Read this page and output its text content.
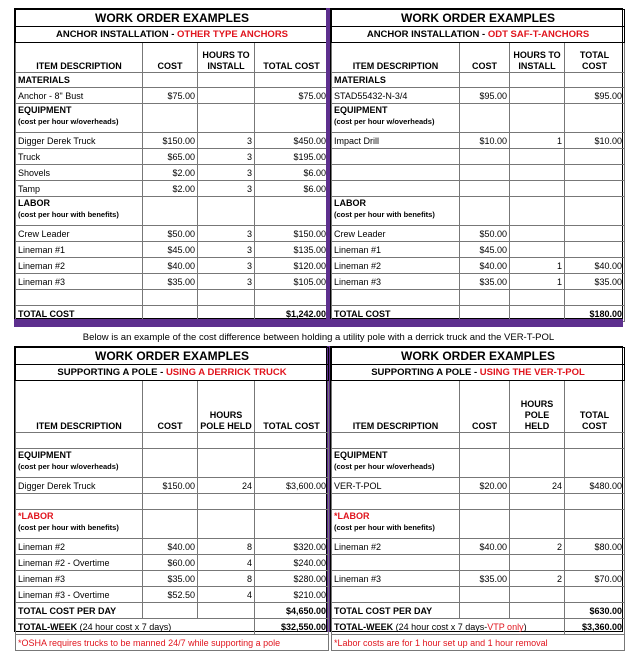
WORK ORDER EXAMPLES			
ANCHOR INSTALLATION - OTHER TYPE ANCHORS			
ITEM DESCRIPTION	COST	HOURS TO INSTALL	TOTAL COST
MATERIALS			
Anchor - 8" Bust	$75.00		$75.00

EQUIPMENT
(cost per hour w/overheads)			

Digger Derek Truck	$150.00	3	$450.00
Truck	$65.00	3	$195.00
Shovels	$2.00	3	$6.00
Tamp	$2.00	3	$6.00

LABOR
(cost per hour with benefits)			

Crew Leader	$50.00	3	$150.00
Lineman #1	$45.00	3	$135.00
Lineman #2	$40.00	3	$120.00
Lineman #3	$35.00	3	$105.00

TOTAL COST			$1,242.00
WORK ORDER EXAMPLES			
ANCHOR INSTALLATION - ODT SAF-T-ANCHORS			
ITEM DESCRIPTION	COST	HOURS TO INSTALL	TOTAL COST
MATERIALS			
STAD55432-N-3/4	$95.00		$95.00

EQUIPMENT
(cost per hour w/overheads)			

Impact Drill	$10.00	1	$10.00

LABOR
(cost per hour with benefits)			

Crew Leader	$50.00		
Lineman #1	$45.00		
Lineman #2	$40.00	1	$40.00
Lineman #3	$35.00	1	$35.00

TOTAL COST			$180.00
Below is an example of the cost difference between holding a utility pole with a derrick truck and the VER-T-POL
WORK ORDER EXAMPLES			
SUPPORTING A POLE - USING A DERRICK TRUCK			
ITEM DESCRIPTION	COST	HOURS POLE HELD	TOTAL COST

EQUIPMENT
(cost per hour w/overheads)			

Digger Derek Truck	$150.00	24	$3,600.00

*LABOR
(cost per hour with benefits)			

Lineman #2	$40.00	8	$320.00
Lineman #2 - Overtime	$60.00	4	$240.00
Lineman #3	$35.00	8	$280.00
Lineman #3 - Overtime	$52.50	4	$210.00
TOTAL COST PER DAY			$4,650.00
TOTAL-WEEK (24 hour cost x 7 days)			$32,550.00
*OSHA requires trucks to be manned 24/7 while supporting a pole			
WORK ORDER EXAMPLES			
SUPPORTING A POLE - USING THE VER-T-POL			
ITEM DESCRIPTION	COST	HOURS POLE HELD	TOTAL COST

EQUIPMENT
(cost per hour w/overheads)			

VER-T-POL	$20.00	24	$480.00

*LABOR
(cost per hour with benefits)			

Lineman #2	$40.00	2	$80.00

Lineman #3	$35.00	2	$70.00

TOTAL COST PER DAY			$630.00
TOTAL-WEEK (24 hour cost x 7 days-VTP only)			$3,360.00
*Labor costs are for 1 hour set up and 1 hour removal			
